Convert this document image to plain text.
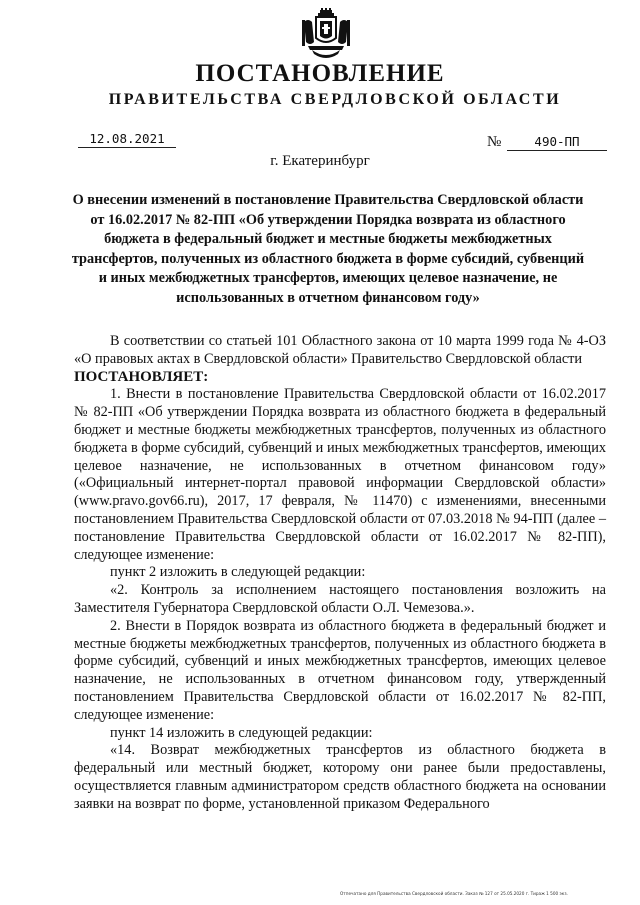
ПОСТАНОВЛЕНИЕ
ПРАВИТЕЛЬСТВА СВЕРДЛОВСКОЙ ОБЛАСТИ
12.08.2021	№	490-ПП
г. Екатеринбург
О внесении изменений в постановление Правительства Свердловской области от 16.02.2017 № 82-ПП «Об утверждении Порядка возврата из областного бюджета в федеральный бюджет и местные бюджеты межбюджетных трансфертов, полученных из областного бюджета в форме субсидий, субвенций и иных межбюджетных трансфертов, имеющих целевое назначение, не использованных в отчетном финансовом году»

В соответствии со статьей 101 Областного закона от 10 марта 1999 года № 4-ОЗ «О правовых актах в Свердловской области» Правительство Свердловской области

ПОСТАНОВЛЯЕТ:

1. Внести в постановление Правительства Свердловской области от 16.02.2017 № 82-ПП «Об утверждении Порядка возврата из областного бюджета в федеральный бюджет и местные бюджеты межбюджетных трансфертов, полученных из областного бюджета в форме субсидий, субвенций и иных межбюджетных трансфертов, имеющих целевое назначение, не использованных в отчетном финансовом году» («Официальный интернет-портал правовой информации Свердловской области» (www.pravo.gov66.ru), 2017, 17 февраля, № 11470) с изменениями, внесенными постановлением Правительства Свердловской области от 07.03.2018 № 94-ПП (далее – постановление Правительства Свердловской области от 16.02.2017 № 82-ПП), следующее изменение:

пункт 2 изложить в следующей редакции:

«2. Контроль за исполнением настоящего постановления возложить на Заместителя Губернатора Свердловской области О.Л. Чемезова.».

2. Внести в Порядок возврата из областного бюджета в федеральный бюджет и местные бюджеты межбюджетных трансфертов, полученных из областного бюджета в форме субсидий, субвенций и иных межбюджетных трансфертов, имеющих целевое назначение, не использованных в отчетном финансовом году, утвержденный постановлением Правительства Свердловской области от 16.02.2017 № 82-ПП, следующее изменение:

пункт 14 изложить в следующей редакции:

«14. Возврат межбюджетных трансфертов из областного бюджета в федеральный или местный бюджет, которому они ранее были предоставлены, осуществляется главным администратором средств областного бюджета на основании заявки на возврат по форме, установленной приказом Федерального

Отпечатано для Правительства Свердловской области. Заказ № 127 от 25.05.2020 г. Тираж 1 500 экз.
